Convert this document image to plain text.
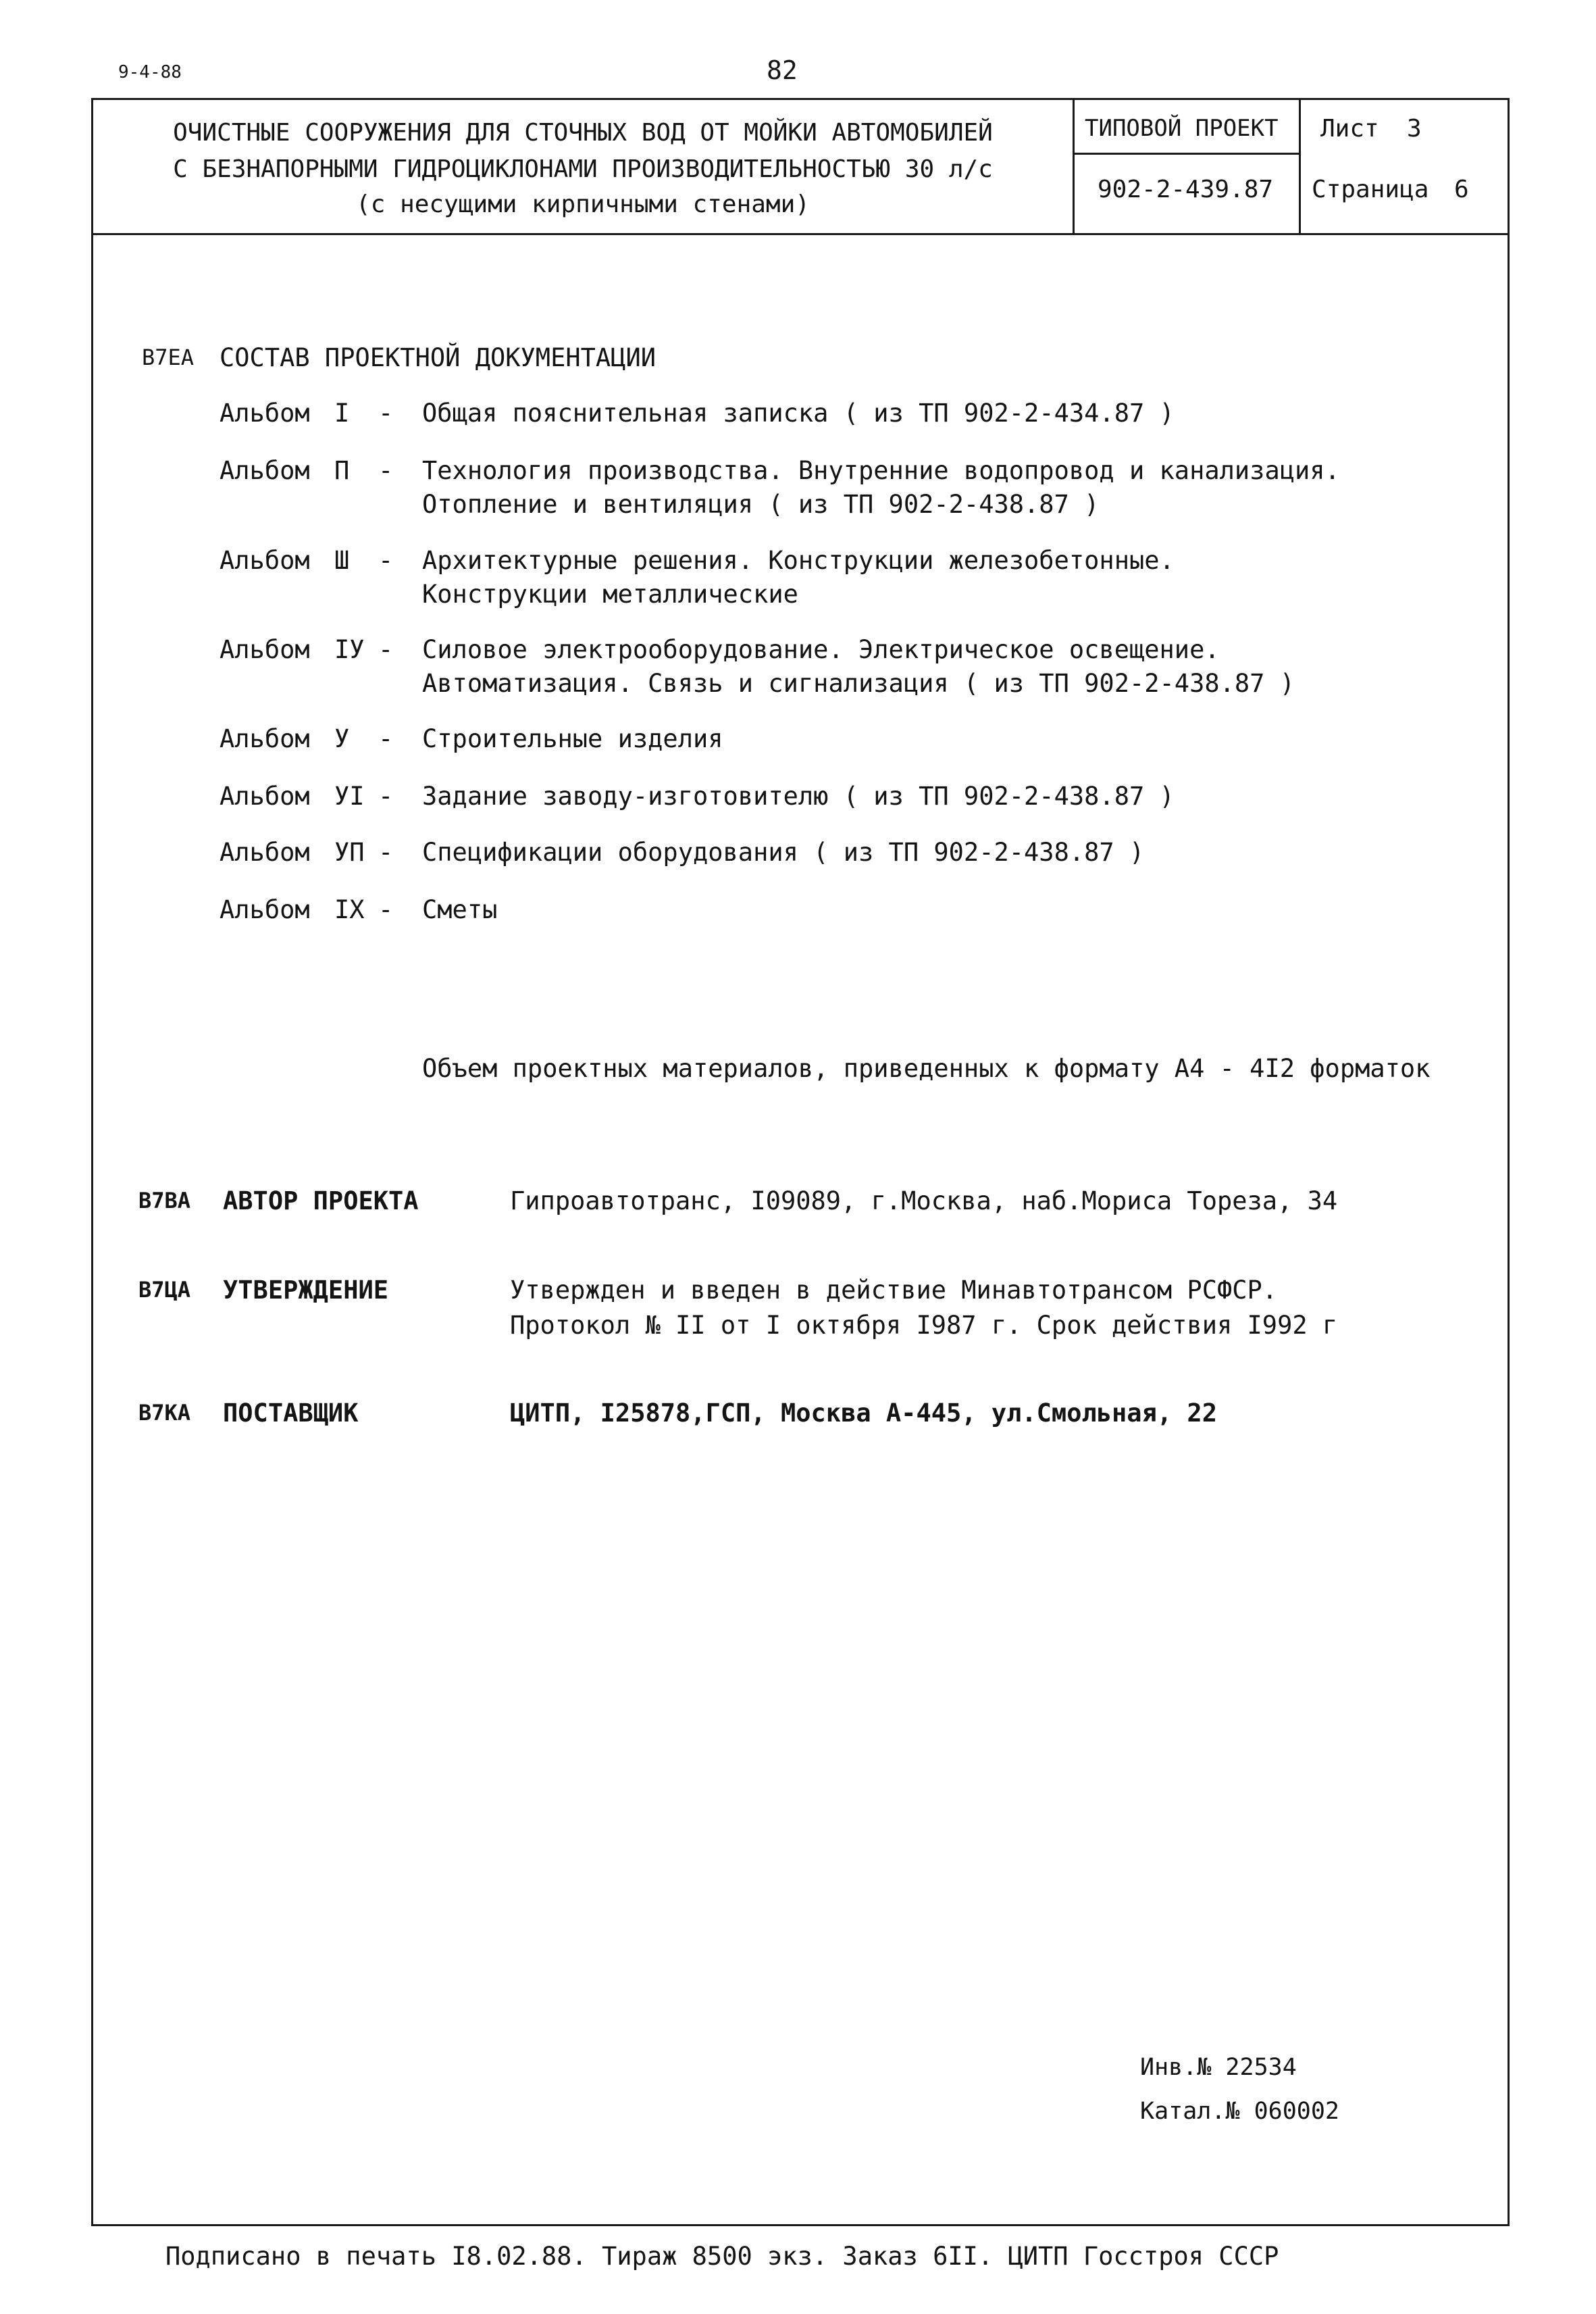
9-4-88	82
ОЧИСТНЫЕ СООРУЖЕНИЯ ДЛЯ СТОЧНЫХ ВОД ОТ МОЙКИ АВТОМОБИЛЕЙ
С БЕЗНАПОРНЫМИ ГИДРОЦИКЛОНАМИ ПРОИЗВОДИТЕЛЬНОСТЬЮ 30 л/с
(с несущими кирпичными стенами)
ТИПОВОЙ ПРОЕКТ
902-2-439.87
Лист 3
Страница 6
В7ЕА СОСТАВ ПРОЕКТНОЙ ДОКУМЕНТАЦИИ
Альбом I - Общая пояснительная записка ( из ТП 902-2-434.87 )
Альбом П - Технология производства. Внутренние водопровод и канализация.
Отопление и вентиляция ( из ТП 902-2-438.87 )
Альбом Ш - Архитектурные решения. Конструкции железобетонные.
Конструкции металлические
Альбом IУ - Силовое электрооборудование. Электрическое освещение.
Автоматизация. Связь и сигнализация ( из ТП 902-2-438.87 )
Альбом У - Строительные изделия
Альбом УI - Задание заводу-изготовителю ( из ТП 902-2-438.87 )
Альбом УП - Спецификации оборудования ( из ТП 902-2-438.87 )
Альбом IX - Сметы
Объем проектных материалов, приведенных к формату А4 - 4I2 форматок
В7ВА АВТОР ПРОЕКТА	Гипроавтотранс, I09089, г.Москва, наб.Мориса Тореза, 34
В7ЦА УТВЕРЖДЕНИЕ	Утвержден и введен в действие Минавтотрансом РСФСР.
Протокол № II от I октября I987 г. Срок действия I992 г
В7КА ПОСТАВЩИК	ЦИТП, I25878,ГСП, Москва А-445, ул.Смольная, 22
Инв.№ 22534
Катал.№ 060002
Подписано в печать I8.02.88. Тираж 8500 экз. Заказ 6II. ЦИТП Госстроя СССР
